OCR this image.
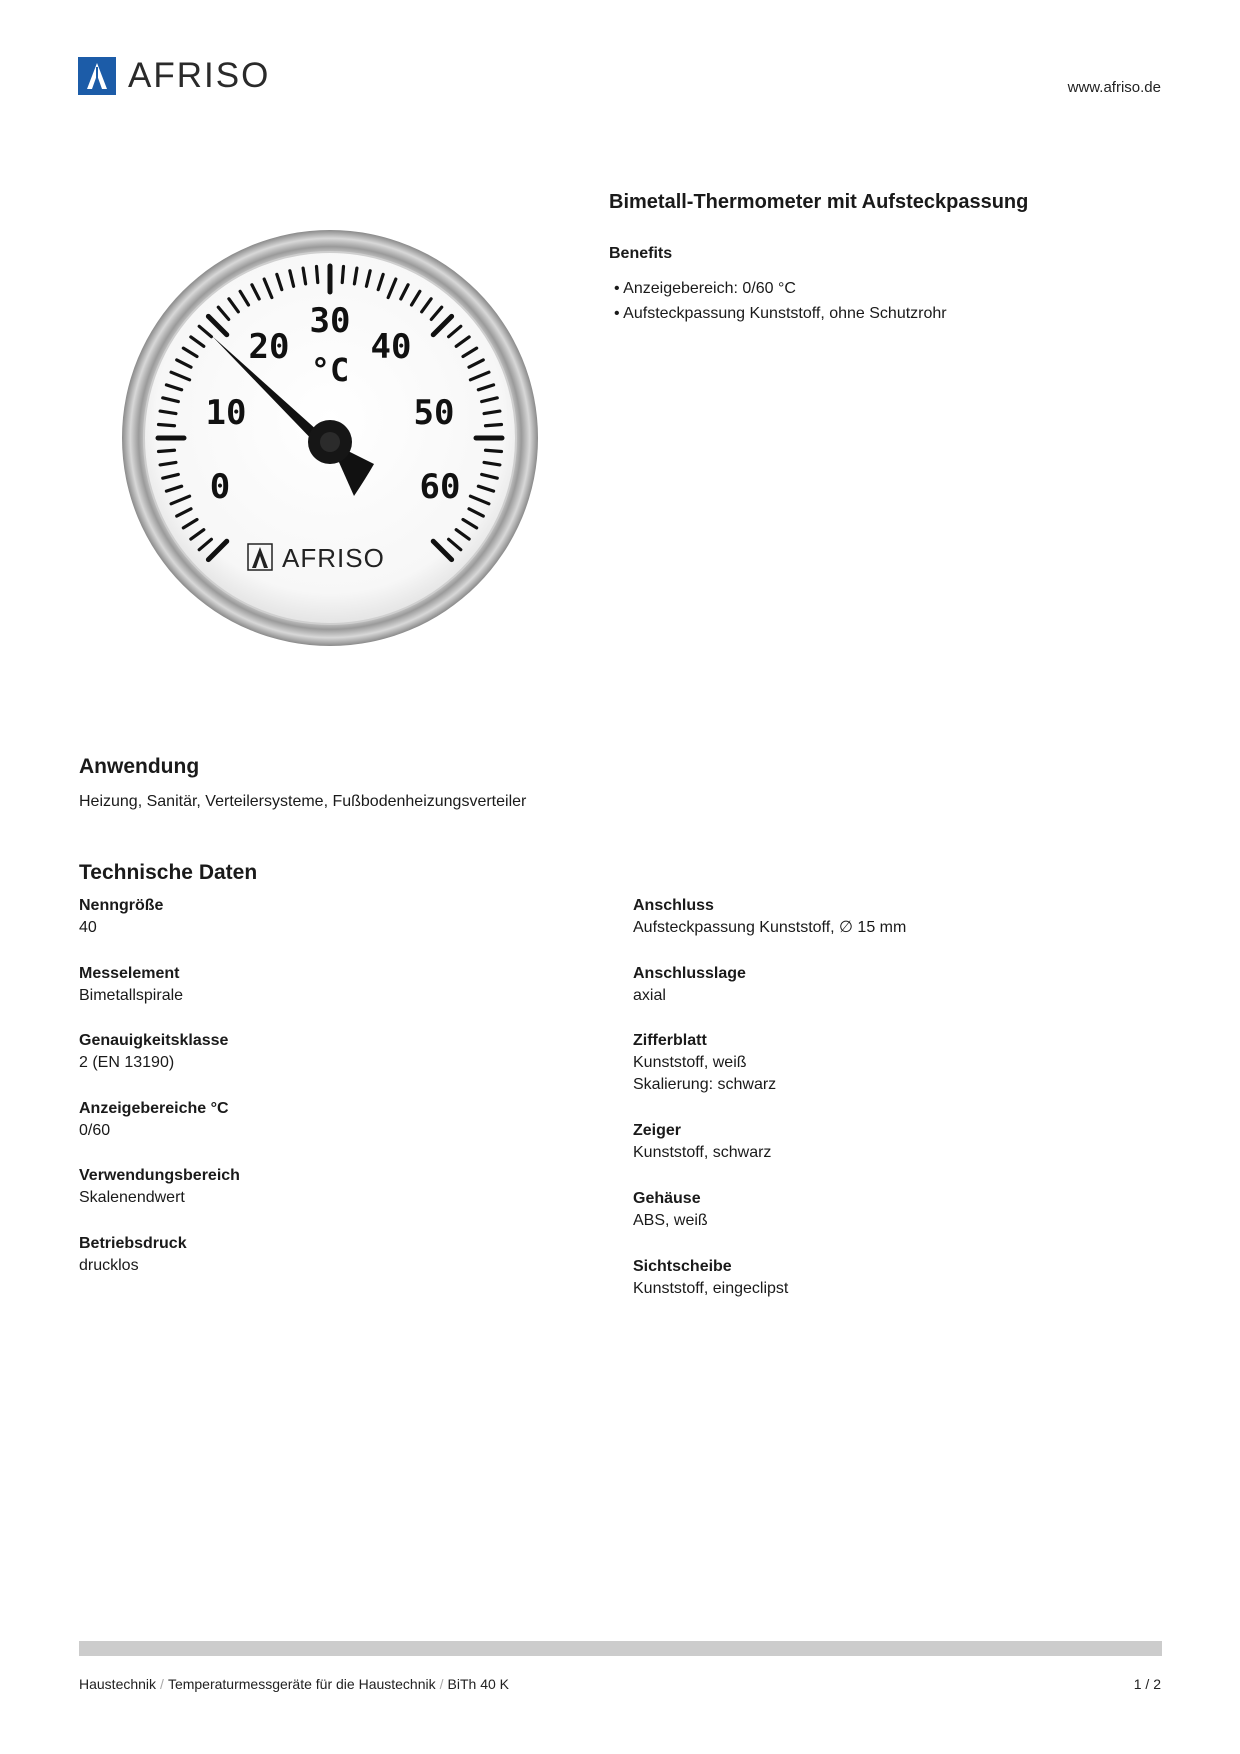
AFRISO	www.afriso.de
0
10
20
30
40
50
60
°C
AFRISO
Bimetall-Thermometer mit Aufsteckpassung
Benefits
• Anzeigebereich: 0/60 °C
• Aufsteckpassung Kunststoff, ohne Schutzrohr
Anwendung
Heizung, Sanitär, Verteilersysteme, Fußbodenheizungsverteiler
Technische Daten
Nenngröße
40
Messelement
Bimetallspirale
Genauigkeitsklasse
2 (EN 13190)
Anzeigebereiche °C
0/60
Verwendungsbereich
Skalenendwert
Betriebsdruck
drucklos
Anschluss
Aufsteckpassung Kunststoff, ∅ 15 mm
Anschlusslage
axial
Zifferblatt
Kunststoff, weiß
Skalierung: schwarz
Zeiger
Kunststoff, schwarz
Gehäuse
ABS, weiß
Sichtscheibe
Kunststoff, eingeclipst
Haustechnik / Temperaturmessgeräte für die Haustechnik / BiTh 40 K	1 / 2
